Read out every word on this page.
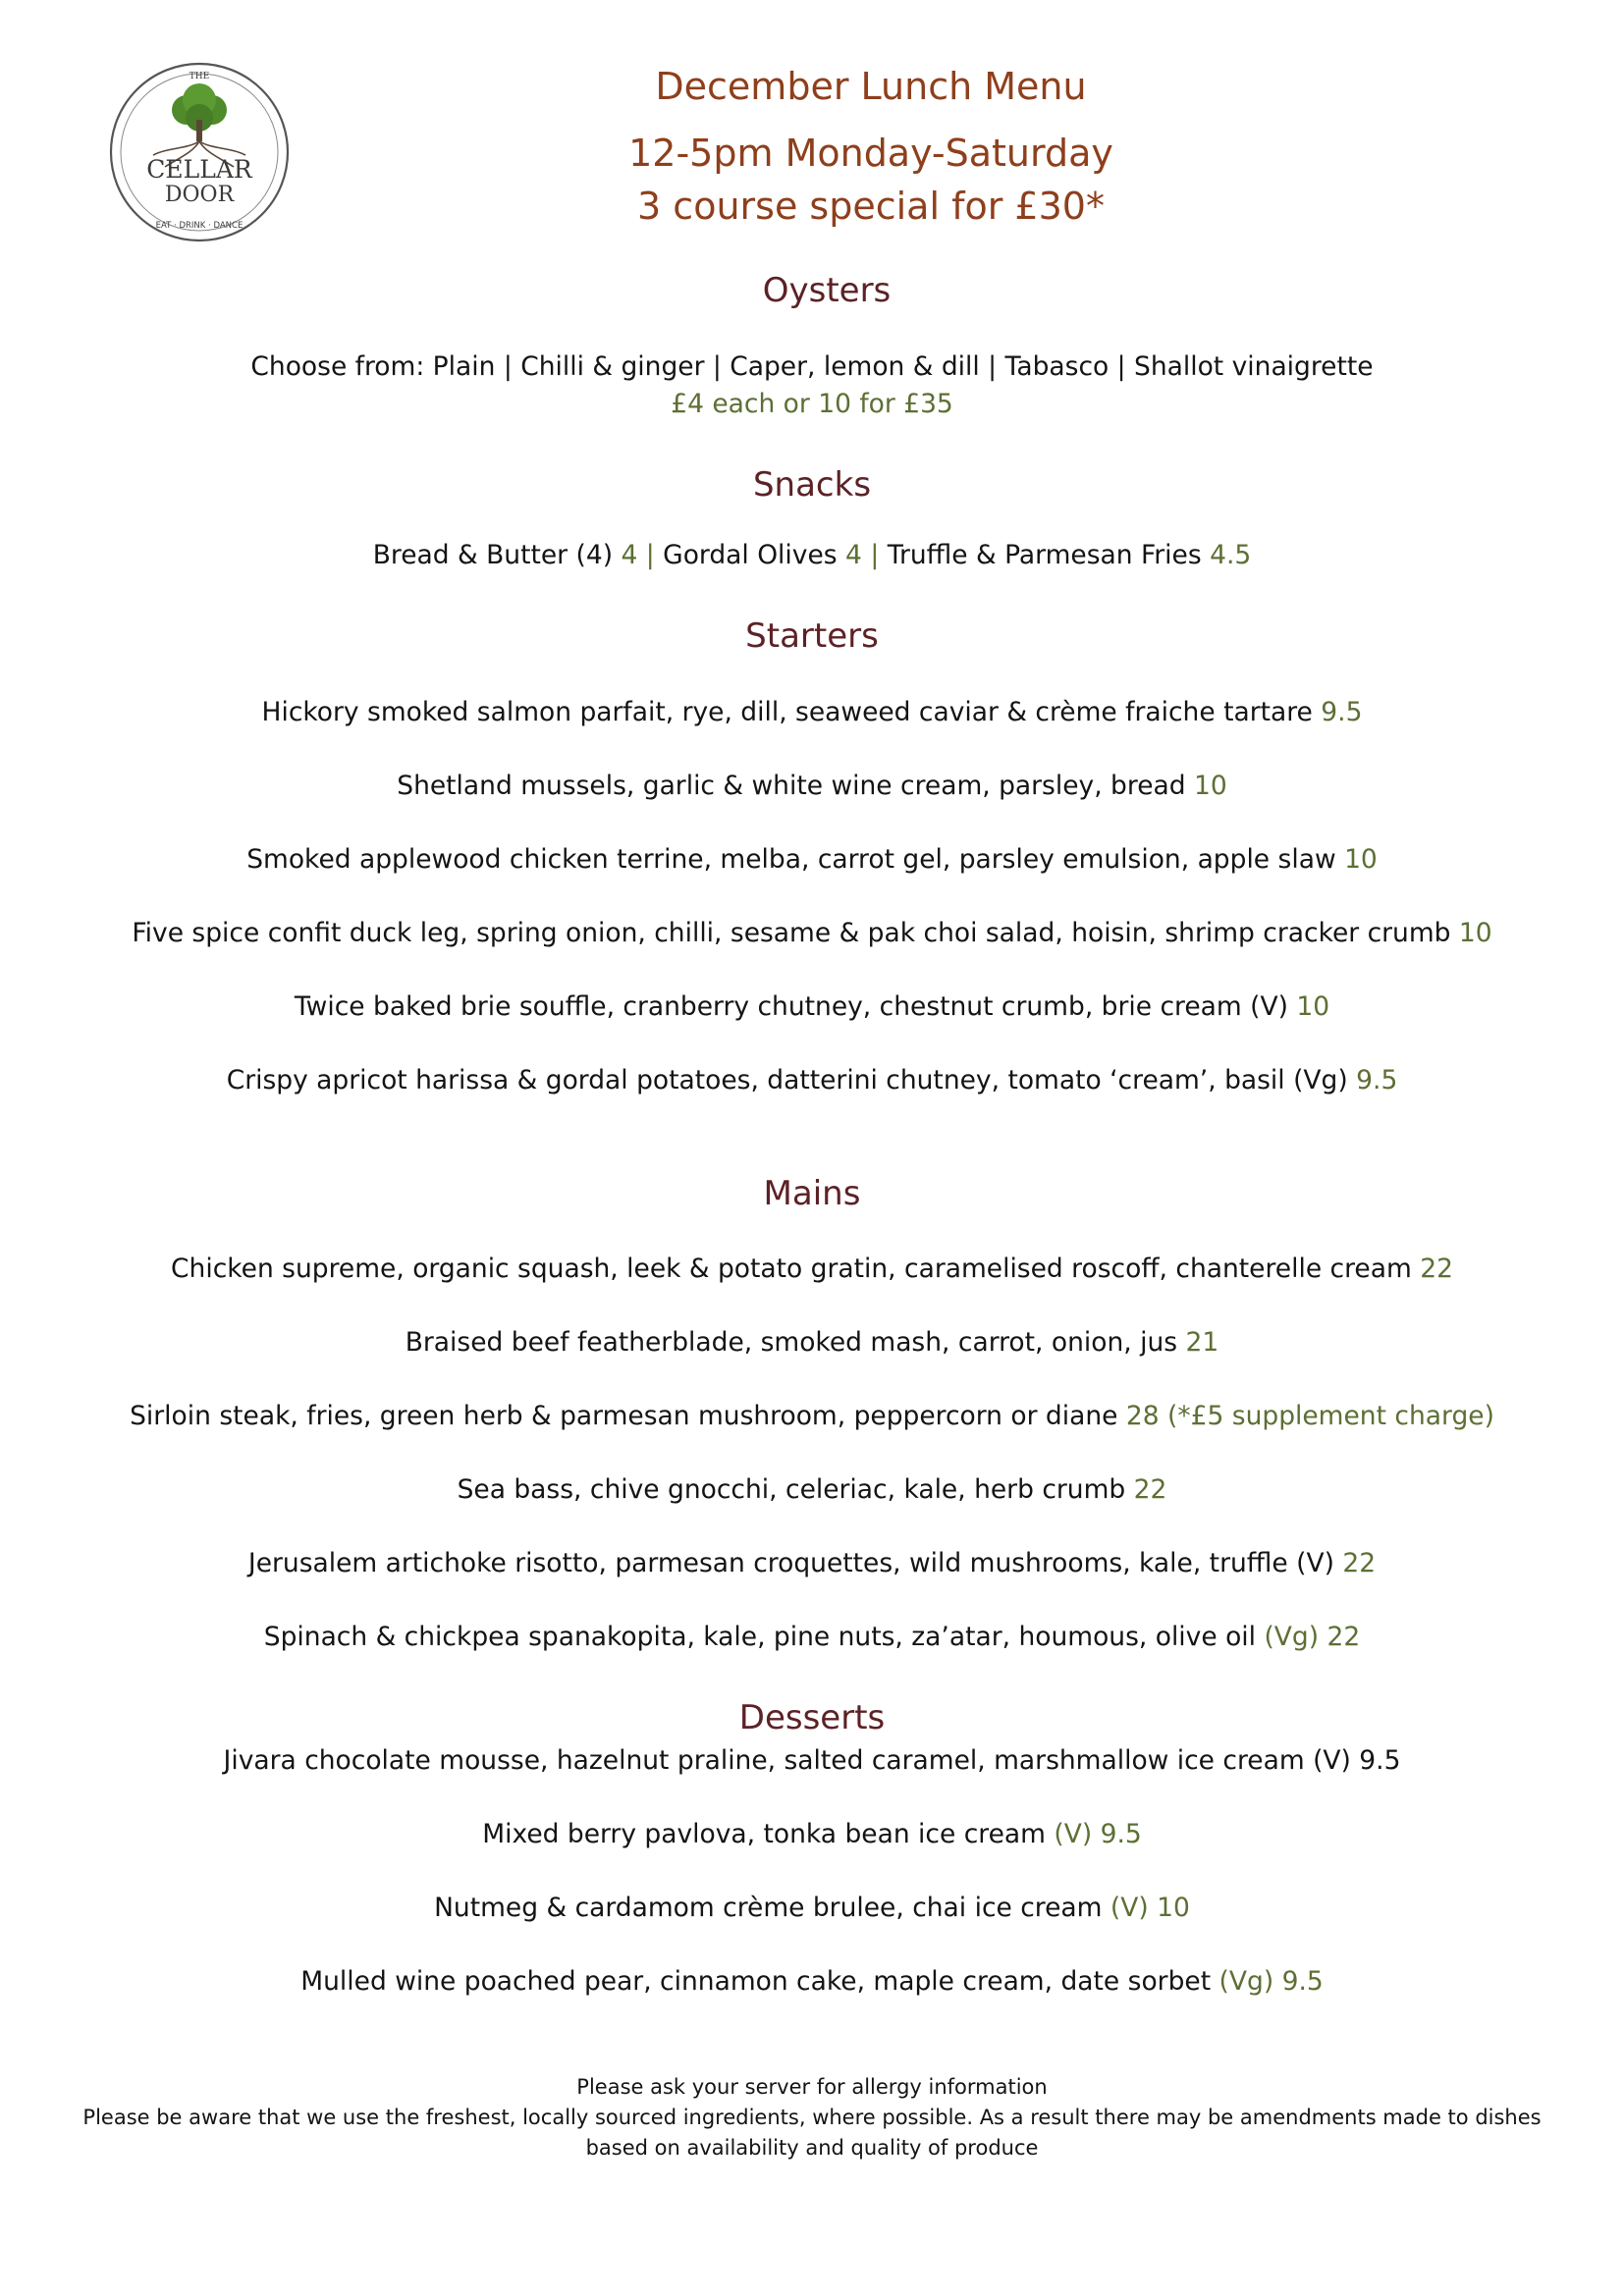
THE
CELLAR
DOOR
EAT · DRINK · DANCE
December Lunch Menu
12-5pm Monday-Saturday
3 course special for £30*
Oysters
Choose from: Plain | Chilli & ginger | Caper, lemon & dill | Tabasco | Shallot vinaigrette
£4 each or 10 for £35
Snacks
Bread & Butter (4) 4 | Gordal Olives 4 | Truffle & Parmesan Fries 4.5
Starters
Hickory smoked salmon parfait, rye, dill, seaweed caviar & crème fraiche tartare 9.5
Shetland mussels, garlic & white wine cream, parsley, bread 10
Smoked applewood chicken terrine, melba, carrot gel, parsley emulsion, apple slaw 10
Five spice confit duck leg, spring onion, chilli, sesame & pak choi salad, hoisin, shrimp cracker crumb 10
Twice baked brie souffle, cranberry chutney, chestnut crumb, brie cream (V) 10
Crispy apricot harissa & gordal potatoes, datterini chutney, tomato ‘cream’, basil (Vg) 9.5
Mains
Chicken supreme, organic squash, leek & potato gratin, caramelised roscoff, chanterelle cream 22
Braised beef featherblade, smoked mash, carrot, onion, jus 21
Sirloin steak, fries, green herb & parmesan mushroom, peppercorn or diane 28 (*£5 supplement charge)
Sea bass, chive gnocchi, celeriac, kale, herb crumb 22
Jerusalem artichoke risotto, parmesan croquettes, wild mushrooms, kale, truffle (V) 22
Spinach & chickpea spanakopita, kale, pine nuts, za’atar, houmous, olive oil (Vg) 22
Desserts
Jivara chocolate mousse, hazelnut praline, salted caramel, marshmallow ice cream (V) 9.5
Mixed berry pavlova, tonka bean ice cream (V) 9.5
Nutmeg & cardamom crème brulee, chai ice cream (V) 10
Mulled wine poached pear, cinnamon cake, maple cream, date sorbet (Vg) 9.5
Please ask your server for allergy information
Please be aware that we use the freshest, locally sourced ingredients, where possible. As a result there may be amendments made to dishes
based on availability and quality of produce
